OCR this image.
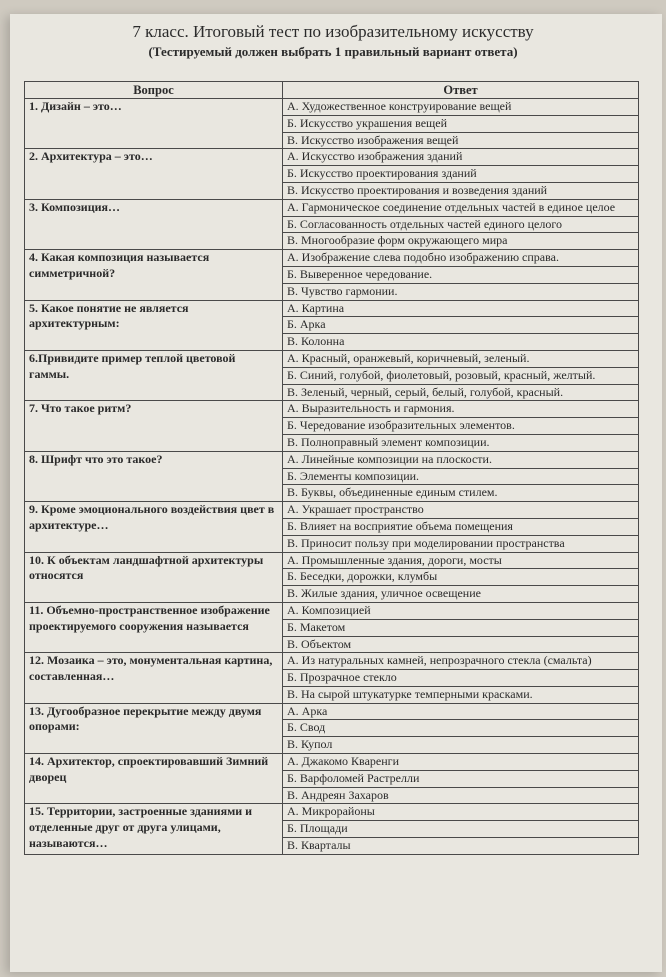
7 класс. Итоговый тест по изобразительному искусству
(Тестируемый должен выбрать 1 правильный вариант ответа)
Вопрос	Ответ
1. Дизайн – это…	А. Художественное конструирование вещей
Б. Искусство украшения вещей
В. Искусство изображения вещей

2. Архитектура – это…	А. Искусство изображения зданий
Б. Искусство проектирования зданий
В. Искусство проектирования и возведения зданий

3. Композиция…	А. Гармоническое соединение отдельных частей в единое целое
Б. Согласованность отдельных частей единого целого
В. Многообразие форм окружающего мира

4. Какая композиция называется симметричной?	А. Изображение слева подобно изображению справа.
Б. Выверенное чередование.
В. Чувство гармонии.

5. Какое понятие не является архитектурным:	А. Картина
Б. Арка
В. Колонна

6.Привидите пример теплой цветовой гаммы.	А. Красный, оранжевый, коричневый, зеленый.
Б. Синий, голубой, фиолетовый, розовый, красный, желтый.
В. Зеленый, черный, серый, белый, голубой, красный.

7. Что такое ритм?	А. Выразительность и гармония.
Б. Чередование изобразительных элементов.
В. Полноправный элемент композиции.

8. Шрифт что это такое?	А. Линейные композиции на плоскости.
Б. Элементы композиции.
В. Буквы, объединенные единым стилем.

9. Кроме эмоционального воздействия цвет в архитектуре…	А. Украшает пространство
Б. Влияет на восприятие объема помещения
В. Приносит пользу при моделировании пространства

10. К объектам ландшафтной архитектуры относятся	А. Промышленные здания, дороги, мосты
Б. Беседки, дорожки, клумбы
В. Жилые здания, уличное освещение

11. Объемно-пространственное изображение проектируемого сооружения называется	А. Композицией
Б. Макетом
В. Объектом

12. Мозаика – это, монументальная картина, составленная…	А. Из натуральных камней, непрозрачного стекла (смальта)
Б. Прозрачное стекло
В. На сырой штукатурке темперными красками.

13. Дугообразное перекрытие между двумя опорами:	А. Арка
Б. Свод
В. Купол

14. Архитектор, спроектировавший Зимний дворец	А. Джакомо Кваренги
Б. Варфоломей Растрелли
В. Андреян Захаров

15. Территории, застроенные зданиями и отделенные друг от друга улицами, называются…	А. Микрорайоны
Б. Площади
В. Кварталы
